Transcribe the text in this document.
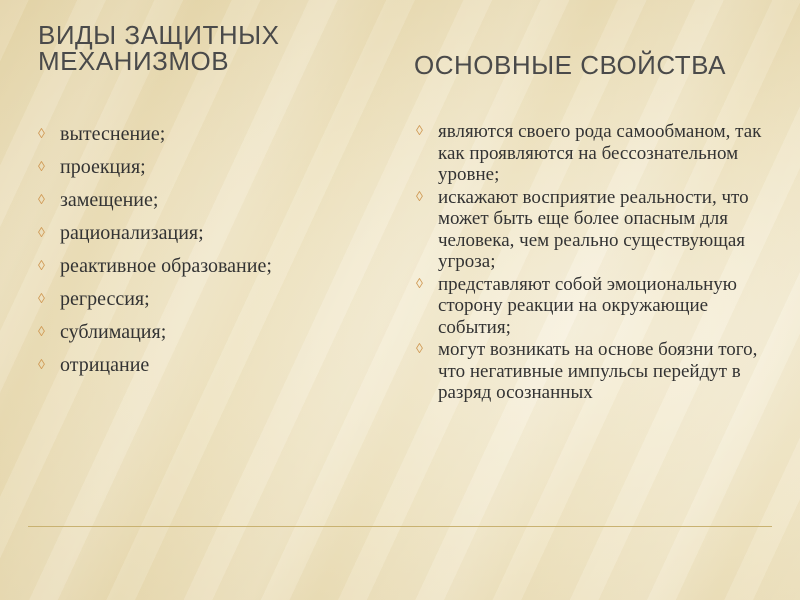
ВИДЫ ЗАЩИТНЫХ
МЕХАНИЗМОВ	ОСНОВНЫЕ СВОЙСТВА
◊ вытеснение;
◊ проекция;
◊ замещение;
◊ рационализация;
◊ реактивное образование;
◊ регрессия;
◊ сублимация;
◊ отрицание
◊ являются своего рода самообманом, так как проявляются на бессознательном уровне;
◊ искажают восприятие реальности, что может быть еще более опасным для человека, чем реально существующая угроза;
◊ представляют собой эмоциональную сторону реакции на окружающие события;
◊ могут возникать на основе боязни того, что негативные импульсы перейдут в разряд осознанных
